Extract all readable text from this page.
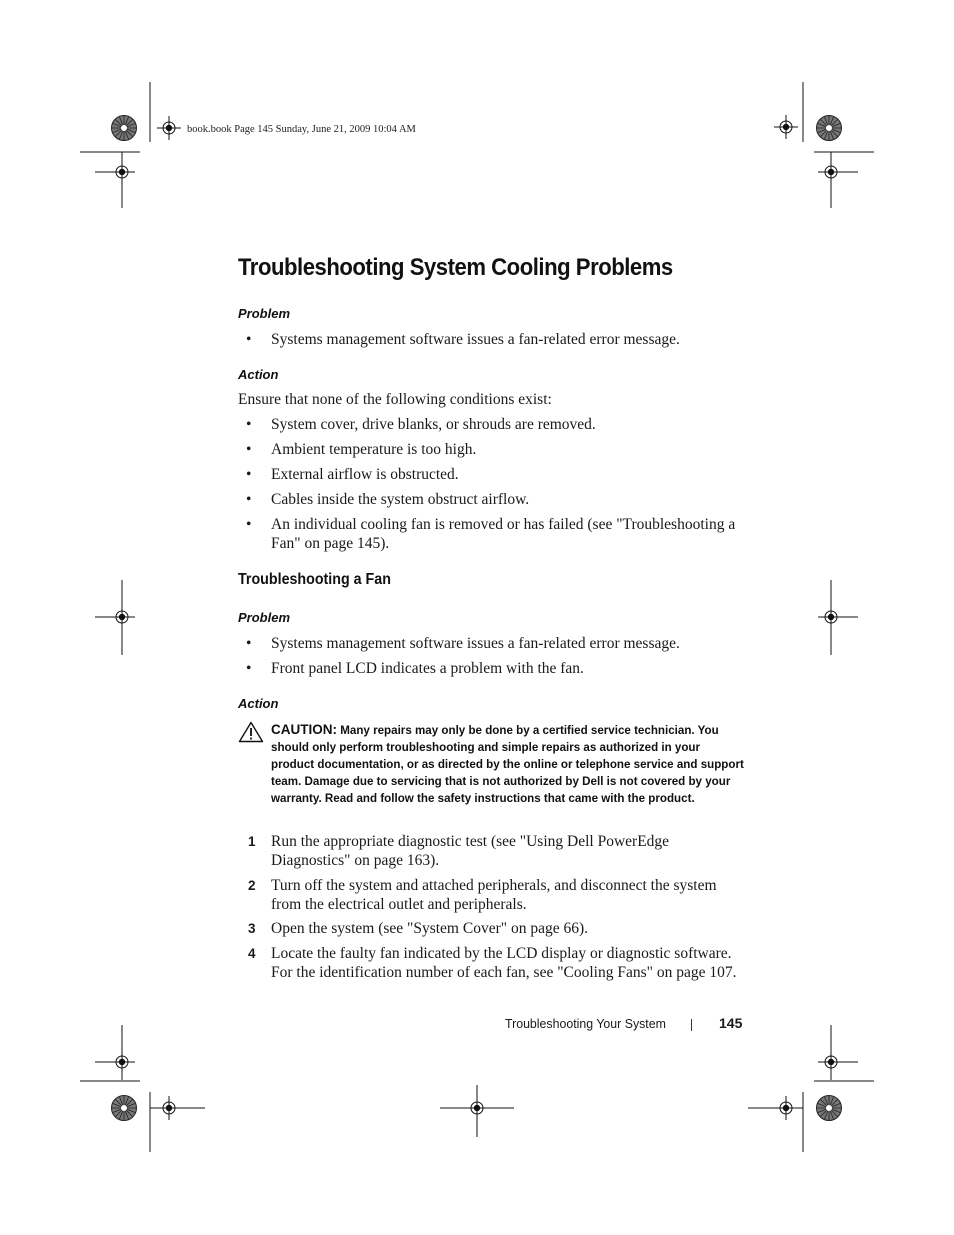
book.book Page 145 Sunday, June 21, 2009 10:04 AM
Troubleshooting System Cooling Problems
Problem
• Systems management software issues a fan-related error message.
Action
Ensure that none of the following conditions exist:
• System cover, drive blanks, or shrouds are removed.
• Ambient temperature is too high.
• External airflow is obstructed.
• Cables inside the system obstruct airflow.
• An individual cooling fan is removed or has failed (see "Troubleshooting a Fan" on page 145).
Troubleshooting a Fan
Problem
• Systems management software issues a fan-related error message.
• Front panel LCD indicates a problem with the fan.
Action
CAUTION: Many repairs may only be done by a certified service technician. You should only perform troubleshooting and simple repairs as authorized in your product documentation, or as directed by the online or telephone service and support team. Damage due to servicing that is not authorized by Dell is not covered by your warranty. Read and follow the safety instructions that came with the product.
1 Run the appropriate diagnostic test (see "Using Dell PowerEdge Diagnostics" on page 163).
2 Turn off the system and attached peripherals, and disconnect the system from the electrical outlet and peripherals.
3 Open the system (see "System Cover" on page 66).
4 Locate the faulty fan indicated by the LCD display or diagnostic software. For the identification number of each fan, see "Cooling Fans" on page 107.
Troubleshooting Your System	145
